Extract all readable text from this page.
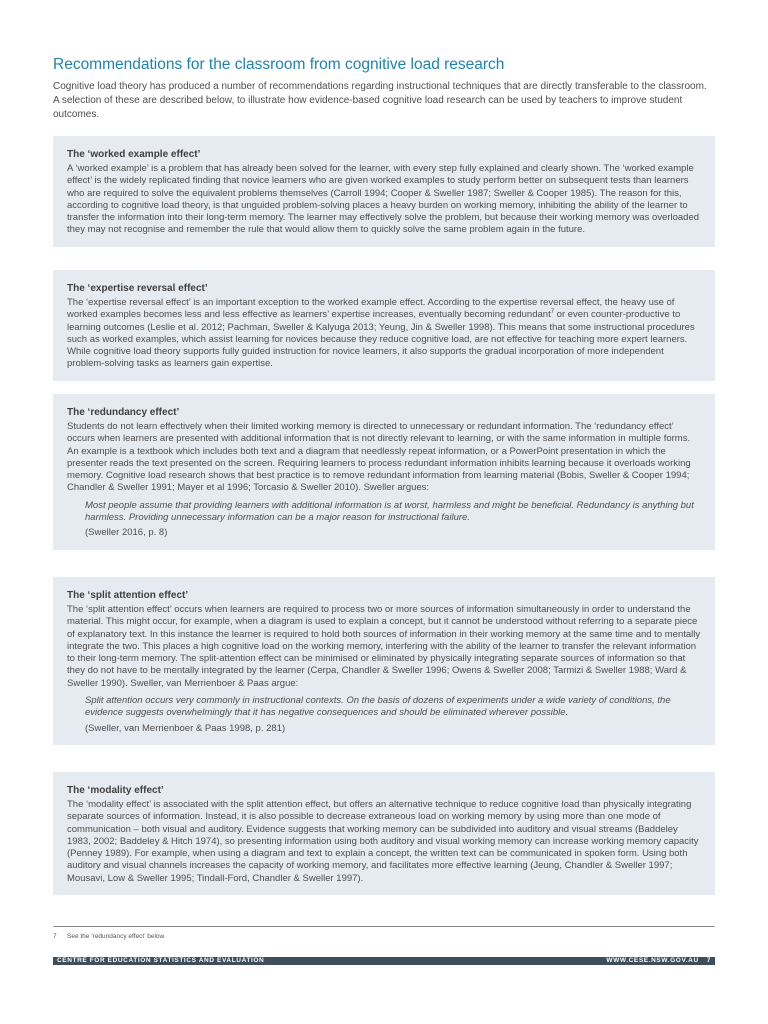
Recommendations for the classroom from cognitive load research

Cognitive load theory has produced a number of recommendations regarding instructional techniques that are directly transferable to the classroom. A selection of these are described below, to illustrate how evidence-based cognitive load research can be used by teachers to improve student outcomes.

The ‘worked example effect’

A ‘worked example’ is a problem that has already been solved for the learner, with every step fully explained and clearly shown. The ‘worked example effect’ is the widely replicated finding that novice learners who are given worked examples to study perform better on subsequent tests than learners who are required to solve the equivalent problems themselves (Carroll 1994; Cooper & Sweller 1987; Sweller & Cooper 1985). The reason for this, according to cognitive load theory, is that unguided problem-solving places a heavy burden on working memory, inhibiting the ability of the learner to transfer the information into their long-term memory. The learner may effectively solve the problem, but because their working memory was overloaded they may not recognise and remember the rule that would allow them to quickly solve the same problem again in the future.

The ‘expertise reversal effect’

The ‘expertise reversal effect’ is an important exception to the worked example effect. According to the expertise reversal effect, the heavy use of worked examples becomes less and less effective as learners’ expertise increases, eventually becoming redundant$^7$ or even counter-productive to learning outcomes (Leslie et al. 2012; Pachman, Sweller & Kalyuga 2013; Yeung, Jin & Sweller 1998). This means that some instructional procedures such as worked examples, which assist learning for novices because they reduce cognitive load, are not effective for teaching more expert learners. While cognitive load theory supports fully guided instruction for novice learners, it also supports the gradual incorporation of more independent problem-solving tasks as learners gain expertise.

The ‘redundancy effect’

Students do not learn effectively when their limited working memory is directed to unnecessary or redundant information. The ‘redundancy effect’ occurs when learners are presented with additional information that is not directly relevant to learning, or with the same information in multiple forms. An example is a textbook which includes both text and a diagram that needlessly repeat information, or a PowerPoint presentation in which the presenter reads the text presented on the screen. Requiring learners to process redundant information inhibits learning because it overloads working memory. Cognitive load research shows that best practice is to remove redundant information from learning material (Bobis, Sweller & Cooper 1994; Chandler & Sweller 1991; Mayer et al 1996; Torcasio & Sweller 2010). Sweller argues:

Most people assume that providing learners with additional information is at worst, harmless and might be beneficial. Redundancy is anything but harmless. Providing unnecessary information can be a major reason for instructional failure.

(Sweller 2016, p. 8)

The ‘split attention effect’

The ‘split attention effect’ occurs when learners are required to process two or more sources of information simultaneously in order to understand the material. This might occur, for example, when a diagram is used to explain a concept, but it cannot be understood without referring to a separate piece of explanatory text. In this instance the learner is required to hold both sources of information in their working memory at the same time and to mentally integrate the two. This places a high cognitive load on the working memory, interfering with the ability of the learner to transfer the relevant information to their long-term memory. The split-attention effect can be minimised or eliminated by physically integrating separate sources of information so that they do not have to be mentally integrated by the learner (Cerpa, Chandler & Sweller 1996; Owens & Sweller 2008; Tarmizi & Sweller 1988; Ward & Sweller 1990). Sweller, van Merrienboer & Paas argue:

Split attention occurs very commonly in instructional contexts. On the basis of dozens of experiments under a wide variety of conditions, the evidence suggests overwhelmingly that it has negative consequences and should be eliminated wherever possible.

(Sweller, van Merrienboer & Paas 1998, p. 281)

The ‘modality effect’

The ‘modality effect’ is associated with the split attention effect, but offers an alternative technique to reduce cognitive load than physically integrating separate sources of information. Instead, it is also possible to decrease extraneous load on working memory by using more than one mode of communication – both visual and auditory. Evidence suggests that working memory can be subdivided into auditory and visual streams (Baddeley 1983, 2002; Baddeley & Hitch 1974), so presenting information using both auditory and visual working memory can increase working memory capacity (Penney 1989). For example, when using a diagram and text to explain a concept, the written text can be communicated in spoken form. Using both auditory and visual channels increases the capacity of working memory, and facilitates more effective learning (Jeung, Chandler & Sweller 1997; Mousavi, Low & Sweller 1995; Tindall-Ford, Chandler & Sweller 1997).

7 See the ‘redundancy effect’ below.
CENTRE FOR EDUCATION STATISTICS AND EVALUATION	WWW.CESE.NSW.GOV.AU 7
